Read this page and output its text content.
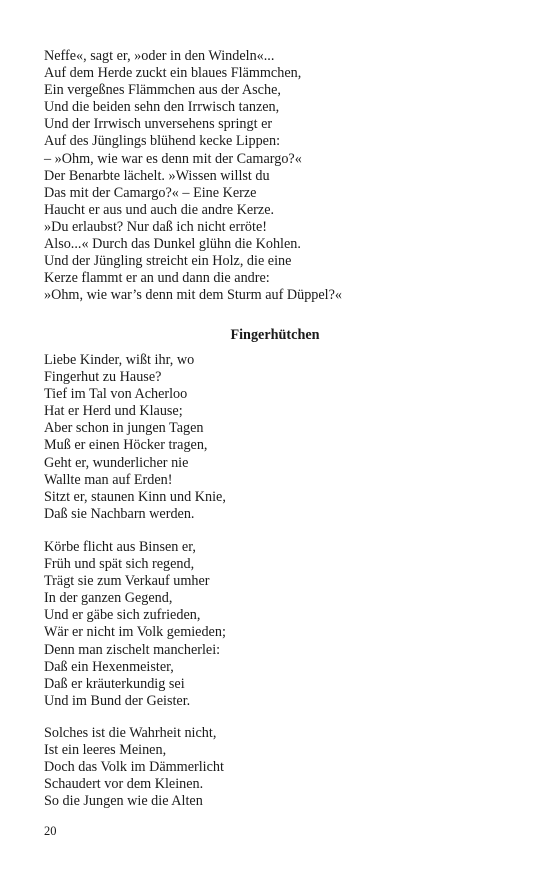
Neffe«, sagt er, »oder in den Windeln«...
Auf dem Herde zuckt ein blaues Flämmchen,
Ein vergeßnes Flämmchen aus der Asche,
Und die beiden sehn den Irrwisch tanzen,
Und der Irrwisch unversehens springt er
Auf des Jünglings blühend kecke Lippen:
– »Ohm, wie war es denn mit der Camargo?«
Der Benarbte lächelt. »Wissen willst du
Das mit der Camargo?« – Eine Kerze
Haucht er aus und auch die andre Kerze.
»Du erlaubst? Nur daß ich nicht erröte!
Also...« Durch das Dunkel glühn die Kohlen.
Und der Jüngling streicht ein Holz, die eine
Kerze flammt er an und dann die andre:
»Ohm, wie war’s denn mit dem Sturm auf Düppel?«
Fingerhütchen
Liebe Kinder, wißt ihr, wo
Fingerhut zu Hause?
Tief im Tal von Acherloo
Hat er Herd und Klause;
Aber schon in jungen Tagen
Muß er einen Höcker tragen,
Geht er, wunderlicher nie
Wallte man auf Erden!
Sitzt er, staunen Kinn und Knie,
Daß sie Nachbarn werden.
Körbe flicht aus Binsen er,
Früh und spät sich regend,
Trägt sie zum Verkauf umher
In der ganzen Gegend,
Und er gäbe sich zufrieden,
Wär er nicht im Volk gemieden;
Denn man zischelt mancherlei:
Daß ein Hexenmeister,
Daß er kräuterkundig sei
Und im Bund der Geister.
Solches ist die Wahrheit nicht,
Ist ein leeres Meinen,
Doch das Volk im Dämmerlicht
Schaudert vor dem Kleinen.
So die Jungen wie die Alten
20
